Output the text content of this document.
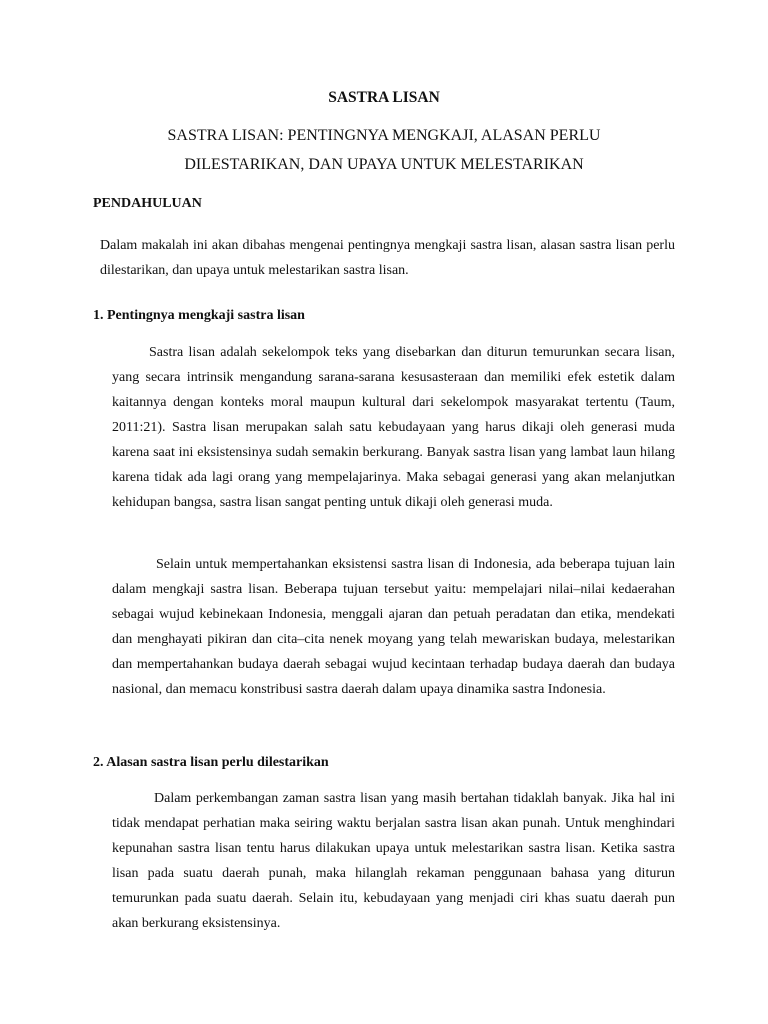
SASTRA LISAN
SASTRA LISAN: PENTINGNYA MENGKAJI, ALASAN PERLU DILESTARIKAN, DAN UPAYA UNTUK MELESTARIKAN
PENDAHULUAN

Dalam makalah ini akan dibahas mengenai pentingnya mengkaji sastra lisan, alasan sastra lisan perlu dilestarikan, dan upaya untuk melestarikan sastra lisan.

1. Pentingnya mengkaji sastra lisan

Sastra lisan adalah sekelompok teks yang disebarkan dan diturun temurunkan secara lisan, yang secara intrinsik mengandung sarana-sarana kesusasteraan dan memiliki efek estetik dalam kaitannya dengan konteks moral maupun kultural dari sekelompok masyarakat tertentu (Taum, 2011:21). Sastra lisan merupakan salah satu kebudayaan yang harus dikaji oleh generasi muda karena saat ini eksistensinya sudah semakin berkurang. Banyak sastra lisan yang lambat laun hilang karena tidak ada lagi orang yang mempelajarinya. Maka sebagai generasi yang akan melanjutkan kehidupan bangsa, sastra lisan sangat penting untuk dikaji oleh generasi muda.

Selain untuk mempertahankan eksistensi sastra lisan di Indonesia, ada beberapa tujuan lain dalam mengkaji sastra lisan. Beberapa tujuan tersebut yaitu: mempelajari nilai–nilai kedaerahan sebagai wujud kebinekaan Indonesia, menggali ajaran dan petuah peradatan dan etika, mendekati dan menghayati pikiran dan cita–cita nenek moyang yang telah mewariskan budaya, melestarikan dan mempertahankan budaya daerah sebagai wujud kecintaan terhadap budaya daerah dan budaya nasional, dan memacu konstribusi sastra daerah dalam upaya dinamika sastra Indonesia.

2. Alasan sastra lisan perlu dilestarikan

Dalam perkembangan zaman sastra lisan yang masih bertahan tidaklah banyak. Jika hal ini tidak mendapat perhatian maka seiring waktu berjalan sastra lisan akan punah. Untuk menghindari kepunahan sastra lisan tentu harus dilakukan upaya untuk melestarikan sastra lisan. Ketika sastra lisan pada suatu daerah punah, maka hilanglah rekaman penggunaan bahasa yang diturun temurunkan pada suatu daerah. Selain itu, kebudayaan yang menjadi ciri khas suatu daerah pun akan berkurang eksistensinya.
